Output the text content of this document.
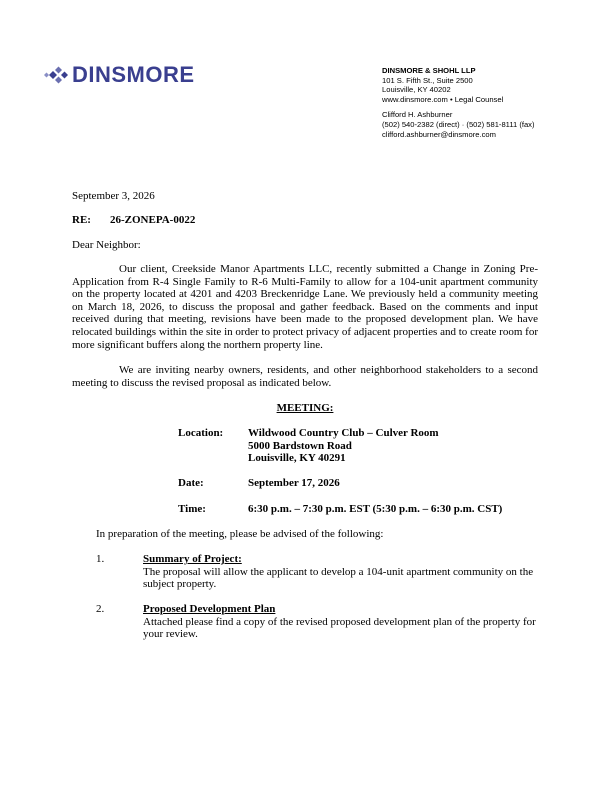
DINSMORE	DINSMORE & SHOHL LLP
101 S. Fifth St., Suite 2500
Louisville, KY 40202
www.dinsmore.com • Legal Counsel
Clifford H. Ashburner
(502) 540-2382 (direct) · (502) 581-8111 (fax)
clifford.ashburner@dinsmore.com
September 3, 2026
RE: 26-ZONEPA-0022
Dear Neighbor:
Our client, Creekside Manor Apartments LLC, recently submitted a Change in Zoning Pre-Application from R-4 Single Family to R-6 Multi-Family to allow for a 104-unit apartment community on the property located at 4201 and 4203 Breckenridge Lane. We previously held a community meeting on March 18, 2026, to discuss the proposal and gather feedback. Based on the comments and input received during that meeting, revisions have been made to the proposed development plan. We have relocated buildings within the site in order to protect privacy of adjacent properties and to create room for more significant buffers along the northern property line.
We are inviting nearby owners, residents, and other neighborhood stakeholders to a second meeting to discuss the revised proposal as indicated below.
MEETING:
Location:	Wildwood Country Club – Culver Room
5000 Bardstown Road
Louisville, KY 40291
Date:	September 17, 2026
Time:	6:30 p.m. – 7:30 p.m. EST (5:30 p.m. – 6:30 p.m. CST)
In preparation of the meeting, please be advised of the following:
1.	Summary of Project:
The proposal will allow the applicant to develop a 104-unit apartment community on the subject property.
2.	Proposed Development Plan
Attached please find a copy of the revised proposed development plan of the property for your review.
